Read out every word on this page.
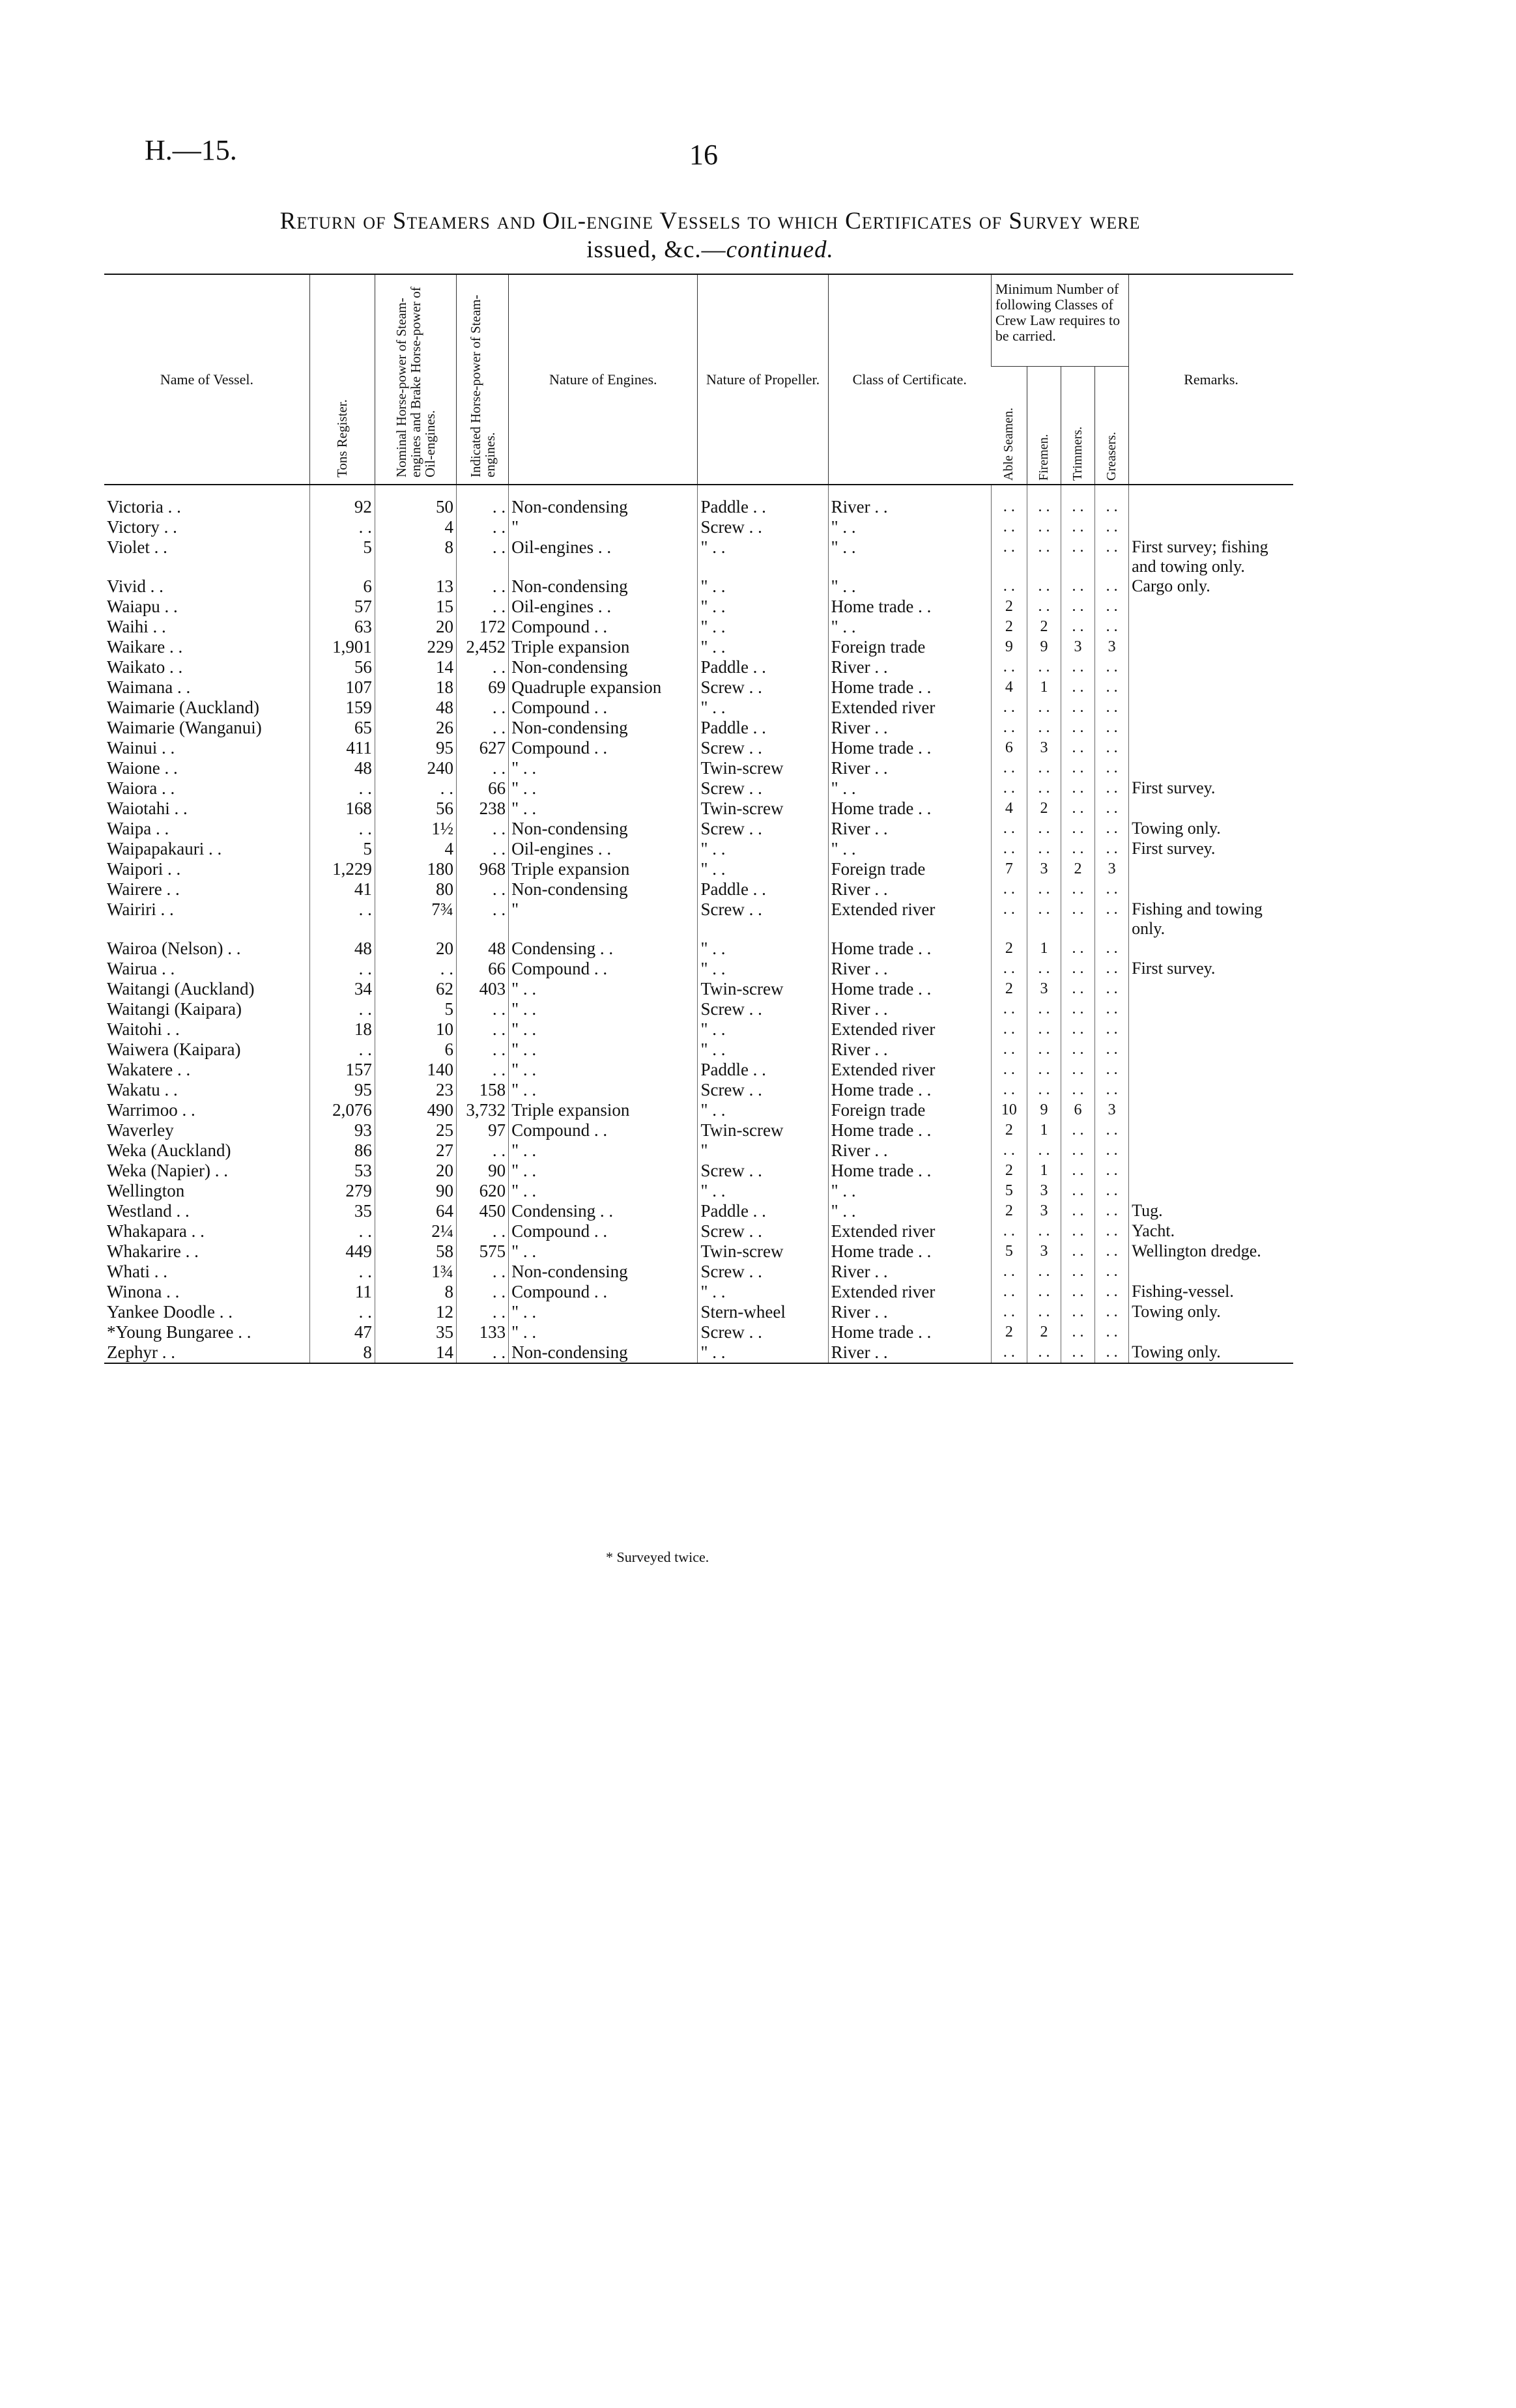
H.—15.	16
Return of Steamers and Oil-engine Vessels to which Certificates of Survey were
issued, &c.—continued.
Name of Vessel.	Tons Register.	Nominal Horse-power of Steam-engines and Brake Horse-power of Oil-engines.	Indicated Horse-power of Steam-engines.	Nature of Engines.	Nature of Propeller.	Class of Certificate.	Minimum Number of following Classes of Crew Law requires to be carried.				Remarks.

							Able Seamen.	Firemen.	Trimmers.	Greasers.	

Victoria . .	92	50	. .	Non-condensing	Paddle . .	River . .	. .	. .	. .	. .	
Victory . .	. .	4	. .	"	Screw . .	" . .	. .	. .	. .	. .	
Violet . .	5	8	. .	Oil-engines . .	" . .	" . .	. .	. .	. .	. .	First survey; fishing and towing only.
Vivid . .	6	13	. .	Non-condensing	" . .	" . .	. .	. .	. .	. .	Cargo only.
Waiapu . .	57	15	. .	Oil-engines . .	" . .	Home trade . .	2	. .	. .	. .	
Waihi . .	63	20	172	Compound . .	" . .	" . .	2	2	. .	. .	
Waikare . .	1,901	229	2,452	Triple expansion	" . .	Foreign trade	9	9	3	3	
Waikato . .	56	14	. .	Non-condensing	Paddle . .	River . .	. .	. .	. .	. .	
Waimana . .	107	18	69	Quadruple expansion	Screw . .	Home trade . .	4	1	. .	. .	
Waimarie (Auckland)	159	48	. .	Compound . .	" . .	Extended river	. .	. .	. .	. .	
Waimarie (Wanganui)	65	26	. .	Non-condensing	Paddle . .	River . .	. .	. .	. .	. .	
Wainui . .	411	95	627	Compound . .	Screw . .	Home trade . .	6	3	. .	. .	
Waione . .	48	240	. .	" . .	Twin-screw	River . .	. .	. .	. .	. .	
Waiora . .	. .	. .	66	" . .	Screw . .	" . .	. .	. .	. .	. .	First survey.
Waiotahi . .	168	56	238	" . .	Twin-screw	Home trade . .	4	2	. .	. .	
Waipa . .	. .	1½	. .	Non-condensing	Screw . .	River . .	. .	. .	. .	. .	Towing only.
Waipapakauri . .	5	4	. .	Oil-engines . .	" . .	" . .	. .	. .	. .	. .	First survey.
Waipori . .	1,229	180	968	Triple expansion	" . .	Foreign trade	7	3	2	3	
Wairere . .	41	80	. .	Non-condensing	Paddle . .	River . .	. .	. .	. .	. .	
Wairiri . .	. .	7¾	. .	"	Screw . .	Extended river	. .	. .	. .	. .	Fishing and towing only.
Wairoa (Nelson) . .	48	20	48	Condensing . .	" . .	Home trade . .	2	1	. .	. .	
Wairua . .	. .	. .	66	Compound . .	" . .	River . .	. .	. .	. .	. .	First survey.
Waitangi (Auckland)	34	62	403	" . .	Twin-screw	Home trade . .	2	3	. .	. .	
Waitangi (Kaipara)	. .	5	. .	" . .	Screw . .	River . .	. .	. .	. .	. .	
Waitohi . .	18	10	. .	" . .	" . .	Extended river	. .	. .	. .	. .	
Waiwera (Kaipara)	. .	6	. .	" . .	" . .	River . .	. .	. .	. .	. .	
Wakatere . .	157	140	. .	" . .	Paddle . .	Extended river	. .	. .	. .	. .	
Wakatu . .	95	23	158	" . .	Screw . .	Home trade . .	. .	. .	. .	. .	
Warrimoo . .	2,076	490	3,732	Triple expansion	" . .	Foreign trade	10	9	6	3	
Waverley	93	25	97	Compound . .	Twin-screw	Home trade . .	2	1	. .	. .	
Weka (Auckland)	86	27	. .	" . .	"	River . .	. .	. .	. .	. .	
Weka (Napier) . .	53	20	90	" . .	Screw . .	Home trade . .	2	1	. .	. .	
Wellington	279	90	620	" . .	" . .	" . .	5	3	. .	. .	
Westland . .	35	64	450	Condensing . .	Paddle . .	" . .	2	3	. .	. .	Tug.
Whakapara . .	. .	2¼	. .	Compound . .	Screw . .	Extended river	. .	. .	. .	. .	Yacht.
Whakarire . .	449	58	575	" . .	Twin-screw	Home trade . .	5	3	. .	. .	Wellington dredge.
Whati . .	. .	1¾	. .	Non-condensing	Screw . .	River . .	. .	. .	. .	. .	
Winona . .	11	8	. .	Compound . .	" . .	Extended river	. .	. .	. .	. .	Fishing-vessel.
Yankee Doodle . .	. .	12	. .	" . .	Stern-wheel	River . .	. .	. .	. .	. .	Towing only.
*Young Bungaree . .	47	35	133	" . .	Screw . .	Home trade . .	2	2	. .	. .	
Zephyr . .	8	14	. .	Non-condensing	" . .	River . .	. .	. .	. .	. .	Towing only.
* Surveyed twice.
